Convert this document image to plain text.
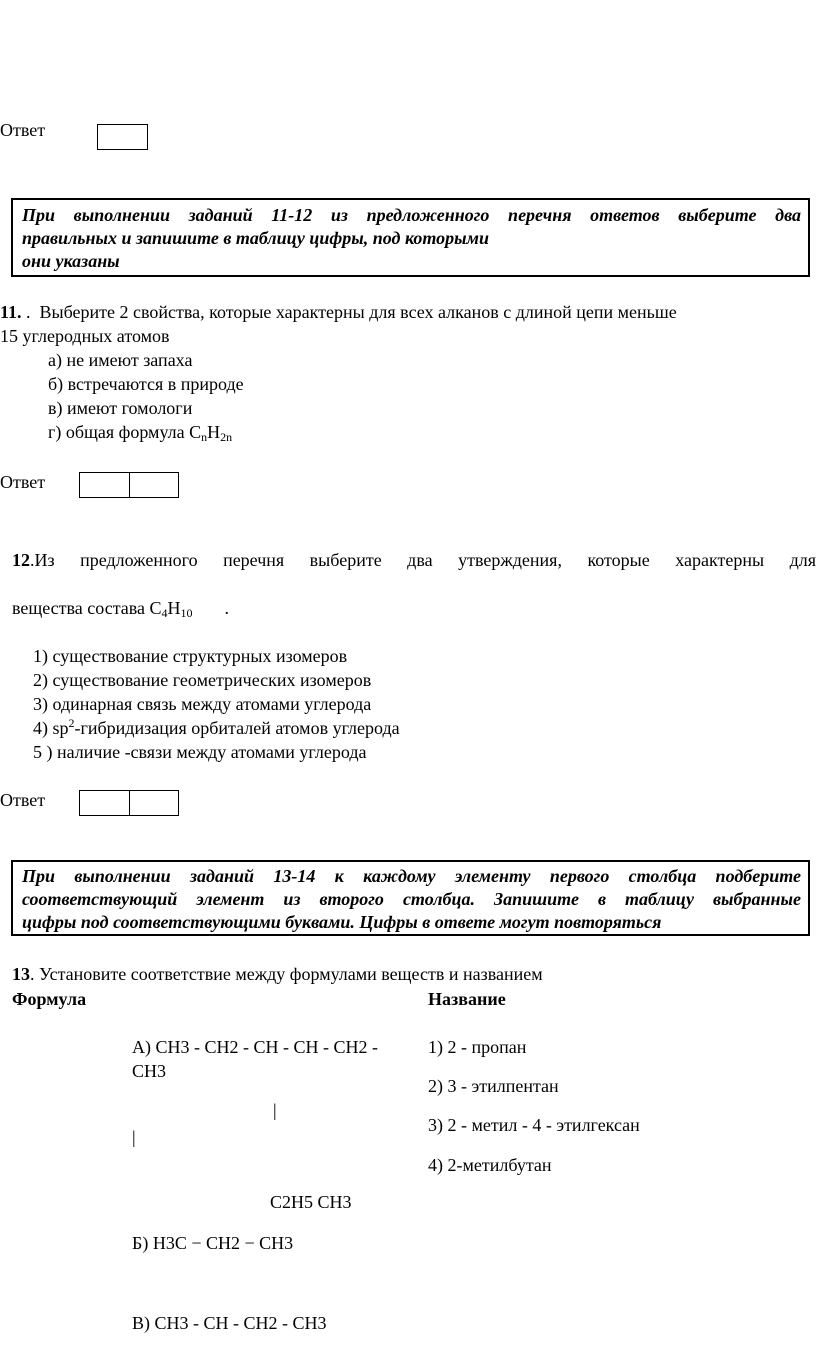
Ответ
При выполнении заданий 11-12 из предложенного перечня ответов выберите два
правильных и запишите в таблицу цифры, под которыми
они указаны
11. . Выберите 2 свойства, которые характерны для всех алканов с длиной цепи меньше
15 углеродных атомов
а) не имеют запаха
б) встречаются в природе
в) имеют гомологи
г) общая формула $С_nH_{2n}$
Ответ
12.Из предложенного перечня выберите два утверждения, которые характерны для
вещества состава $С_4Н_{10}$ .
1) существование структурных изомеров
2) существование геометрических изомеров
3) одинарная связь между атомами углерода
4) $sp^2$-гибридизация орбиталей атомов углерода
5 ) наличие -связи между атомами углерода
Ответ
При выполнении заданий 13-14 к каждому элементу первого столбца подберите
соответствующий элемент из второго столбца. Запишите в таблицу выбранные
цифры под соответствующими буквами. Цифры в ответе могут повторяться
13. Установите соответствие между формулами веществ и названием
Формула	Название
А) СН3 - СН2 - СН - СН - СН2 -
СН3
|
|
С2Н5 СН3
Б) Н3С − СН2 − СН3
В) СН3 - СН - СН2 - СН3
1) 2 - пропан
2) 3 - этилпентан
3) 2 - метил - 4 - этилгексан
4) 2-метилбутан
